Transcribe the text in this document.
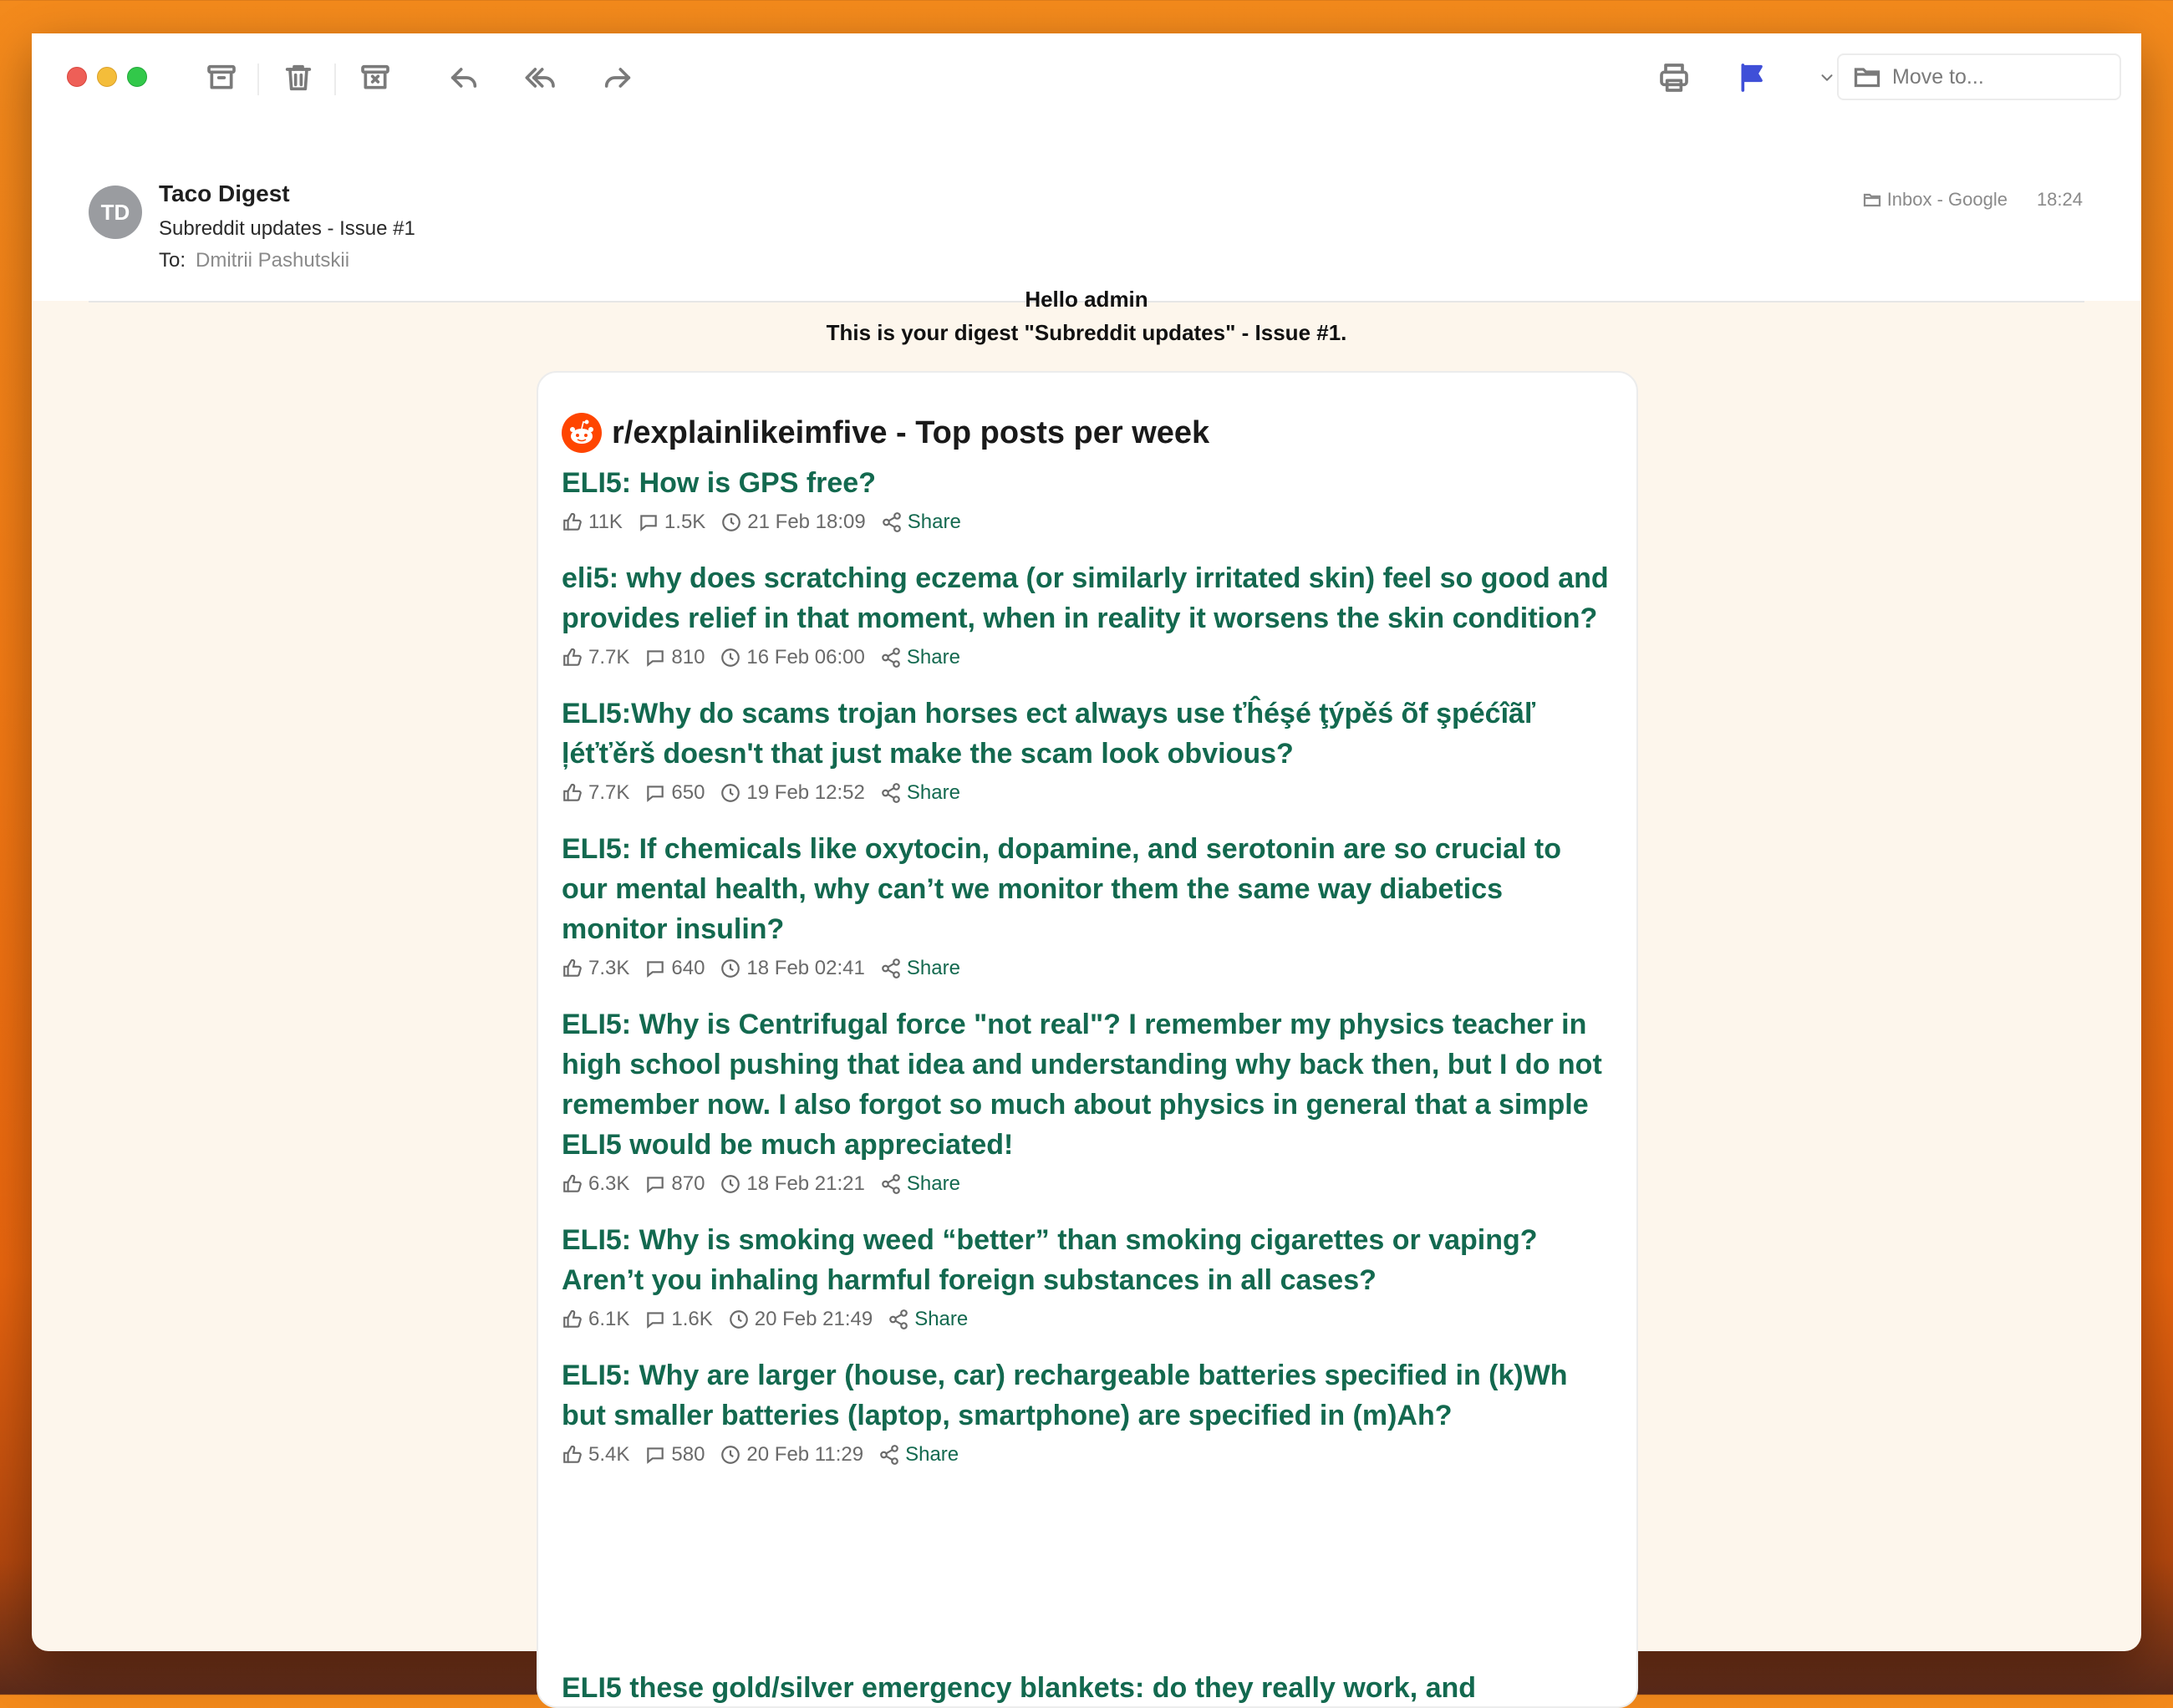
Move to...
TD
Taco Digest
Subreddit updates - Issue #1
To: Dmitrii Pashutskii
Inbox - Google 18:24
Hello admin
This is your digest "Subreddit updates" - Issue #1.
r/explainlikeimfive - Top posts per week
ELI5: How is GPS free?
11K 1.5K 21 Feb 18:09 Share
eli5: why does scratching eczema (or similarly irritated skin) feel so good and provides relief in that moment, when in reality it worsens the skin condition?
7.7K 810 16 Feb 06:00 Share
ELI5:Why do scams trojan horses ect always use ťĥéşé ţýpěś õf şpéćîãľ ļéťťěrš doesn't that just make the scam look obvious?
7.7K 650 19 Feb 12:52 Share
ELI5: If chemicals like oxytocin, dopamine, and serotonin are so crucial to our mental health, why can’t we monitor them the same way diabetics monitor insulin?
7.3K 640 18 Feb 02:41 Share
ELI5: Why is Centrifugal force "not real"? I remember my physics teacher in high school pushing that idea and understanding why back then, but I do not remember now. I also forgot so much about physics in general that a simple ELI5 would be much appreciated!
6.3K 870 18 Feb 21:21 Share
ELI5: Why is smoking weed “better” than smoking cigarettes or vaping? Aren’t you inhaling harmful foreign substances in all cases?
6.1K 1.6K 20 Feb 21:49 Share
ELI5: Why are larger (house, car) rechargeable batteries specified in (k)Wh but smaller batteries (laptop, smartphone) are specified in (m)Ah?
5.4K 580 20 Feb 11:29 Share
ELI5 these gold/silver emergency blankets: do they really work, and
